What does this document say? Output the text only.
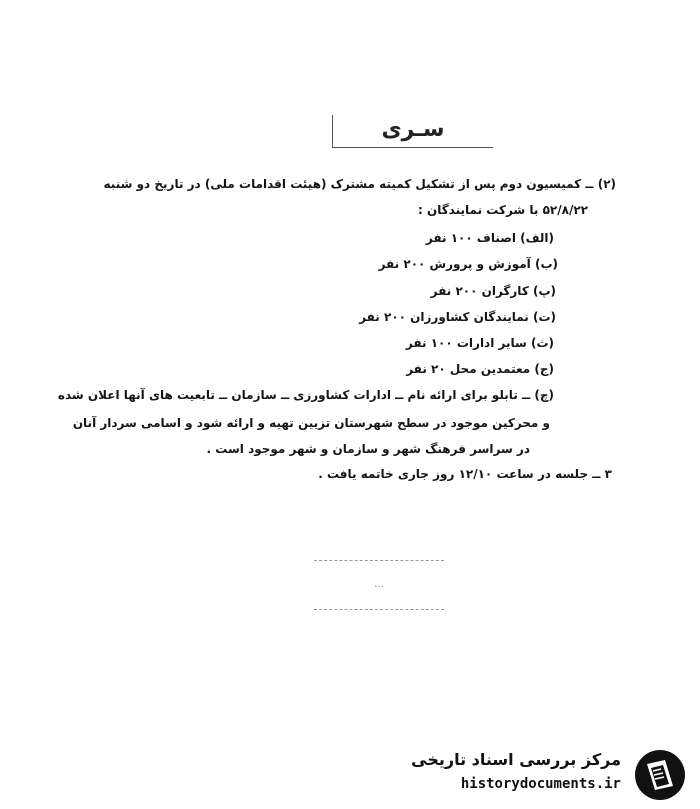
سـری
(۲) ــ کمیسیون دوم پس از تشکیل کمیته مشترک (هیئت اقدامات ملی) در تاریخ دو شنبه
۵۲/۸/۲۲ با شرکت نمایندگان :
(الف) اصناف ۱۰۰ نفر
(ب) آموزش و پرورش ۲۰۰ نفر
(پ) کارگران ۲۰۰ نفر
(ت) نمایندگان کشاورزان ۲۰۰ نفر
(ث) سایر ادارات ۱۰۰ نفر
(ج) معتمدین محل ۲۰ نفر
(چ) ــ تابلو برای ارائه نام ــ ادارات کشاورزی ــ سازمان ــ تابعیت های آنها اعلان شده
و محرکین موجود در سطح شهرستان تزیین تهیه و ارائه شود و اسامی سردار آنان
در سراسر فرهنگ شهر و سازمان و شهر موجود است .
۳ ــ جلسه در ساعت ۱۲/۱۰ روز جاری خاتمه یافت .
...
مرکز بررسی اسناد تاریخی
historydocuments.ir
